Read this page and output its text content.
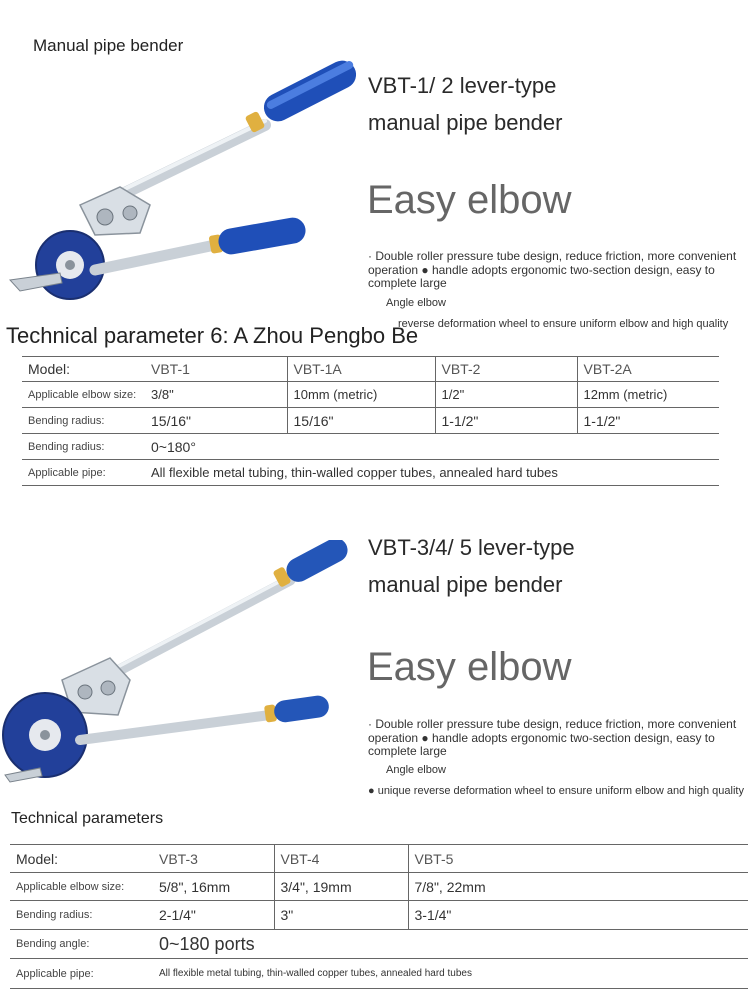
Manual pipe bender
VBT-1/ 2 lever-type
manual pipe bender
Easy elbow
· Double roller pressure tube design, reduce friction, more convenient operation ● handle adopts ergonomic two-section design, easy to complete large
Angle elbow
reverse deformation wheel to ensure uniform elbow and high quality
Technical parameter 6: A Zhou Pengbo Be
Model:	VBT-1	VBT-1A	VBT-2	VBT-2A
Applicable elbow size:	3/8"	10mm (metric)	1/2"	12mm (metric)
Bending radius:	15/16"	15/16"	1-1/2"	1-1/2"
Bending radius:	0~180°			
Applicable pipe:	All flexible metal tubing, thin-walled copper tubes, annealed hard tubes			
VBT-3/4/ 5 lever-type
manual pipe bender
Easy elbow
· Double roller pressure tube design, reduce friction, more convenient operation ● handle adopts ergonomic two-section design, easy to complete large
Angle elbow
● unique reverse deformation wheel to ensure uniform elbow and high quality
Technical parameters
Model:	VBT-3	VBT-4	VBT-5
Applicable elbow size:	5/8", 16mm	3/4", 19mm	7/8", 22mm
Bending radius:	2-1/4"	3"	3-1/4"
Bending angle:	0~180 ports		
Applicable pipe:	All flexible metal tubing, thin-walled copper tubes, annealed hard tubes		
